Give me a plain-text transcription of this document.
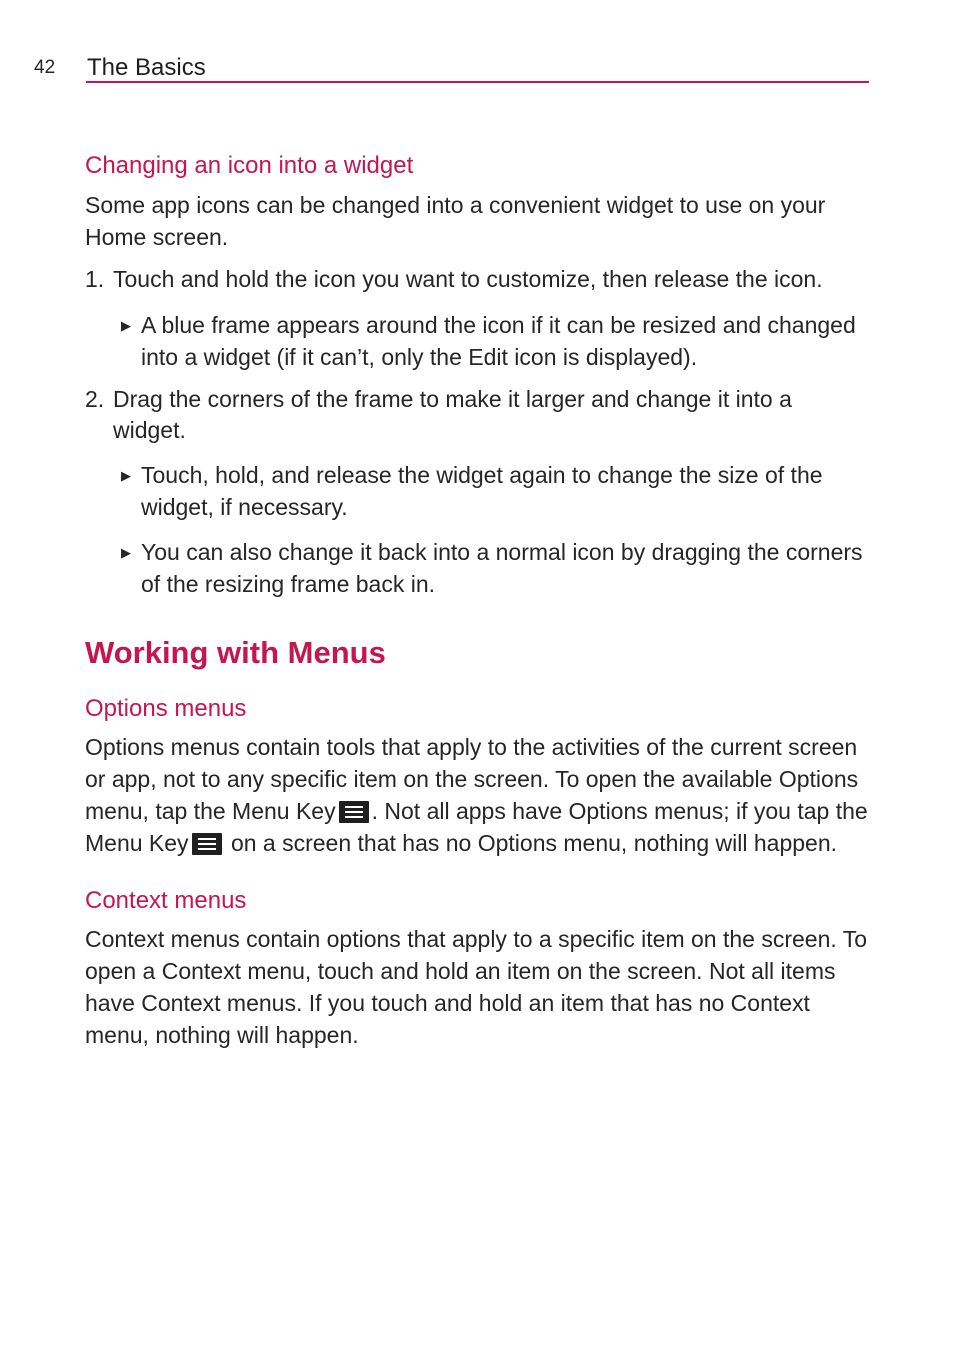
42 The Basics
Changing an icon into a widget

Some app icons can be changed into a convenient widget to use on your Home screen.

1. Touch and hold the icon you want to customize, then release the icon.
▶ A blue frame appears around the icon if it can be resized and changed into a widget (if it can’t, only the Edit icon is displayed).
2. Drag the corners of the frame to make it larger and change it into a widget.
▶ Touch, hold, and release the widget again to change the size of the widget, if necessary.
▶ You can also change it back into a normal icon by dragging the corners of the resizing frame back in.
Working with Menus
Options menus

Options menus contain tools that apply to the activities of the current screen or app, not to any specific item on the screen. To open the available Options menu, tap the Menu Key . Not all apps have Options menus; if you tap the Menu Key
on a screen that has no Options menu, nothing will happen.

Context menus

Context menus contain options that apply to a specific item on the screen. To open a Context menu, touch and hold an item on the screen. Not all items have Context menus. If you touch and hold an item that has no Context menu, nothing will happen.
